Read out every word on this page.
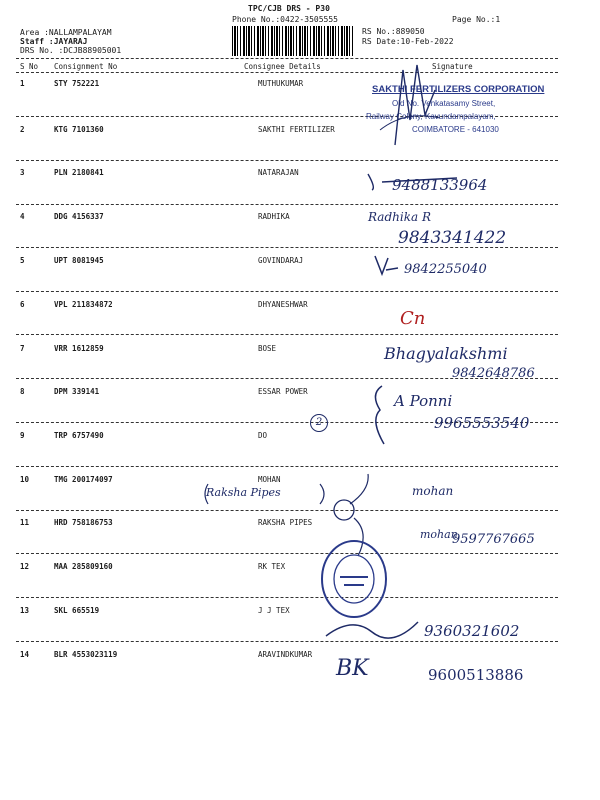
TPC/CJB DRS - P30
Phone No.:0422-3505555
Area :NALLAMPALAYAM
Staff :JAYARAJ
DRS No. :DCJB88905001
RS No.:889050
RS Date:10-Feb-2022
Page No.:1
S No Consignment No	Consignee Details	Signature
1	STY 752221	MUTHUKUMAR
2	KTG 7101360	SAKTHI FERTILIZER
3	PLN 2180841	NATARAJAN
4	DDG 4156337	RADHIKA
5	UPT 8081945	GOVINDARAJ
6	VPL 211834872	DHYANESHWAR
7	VRR 1612859	BOSE
8	DPM 339141	ESSAR POWER
9	TRP 6757490	DO
10	TMG 200174097	MOHAN
11	HRD 758186753	RAKSHA PIPES
12	MAA 285809160	RK TEX
13	SKL 665519	J J TEX
14	BLR 4553023119	ARAVINDKUMAR
SAKTHI FERTILIZERS CORPORATION
Old No. Venkatasamy Street,
Railway Colony, Kavundampalayam,
COIMBATORE - 641030
9488133964
Radhika R
9843341422
9842255040
Cn
Bhagyalakshmi
9842648786
A Ponni
9965553540
2
Raksha Pipes	mohan
mohan
9597767665
9360321602
BK	9600513886
